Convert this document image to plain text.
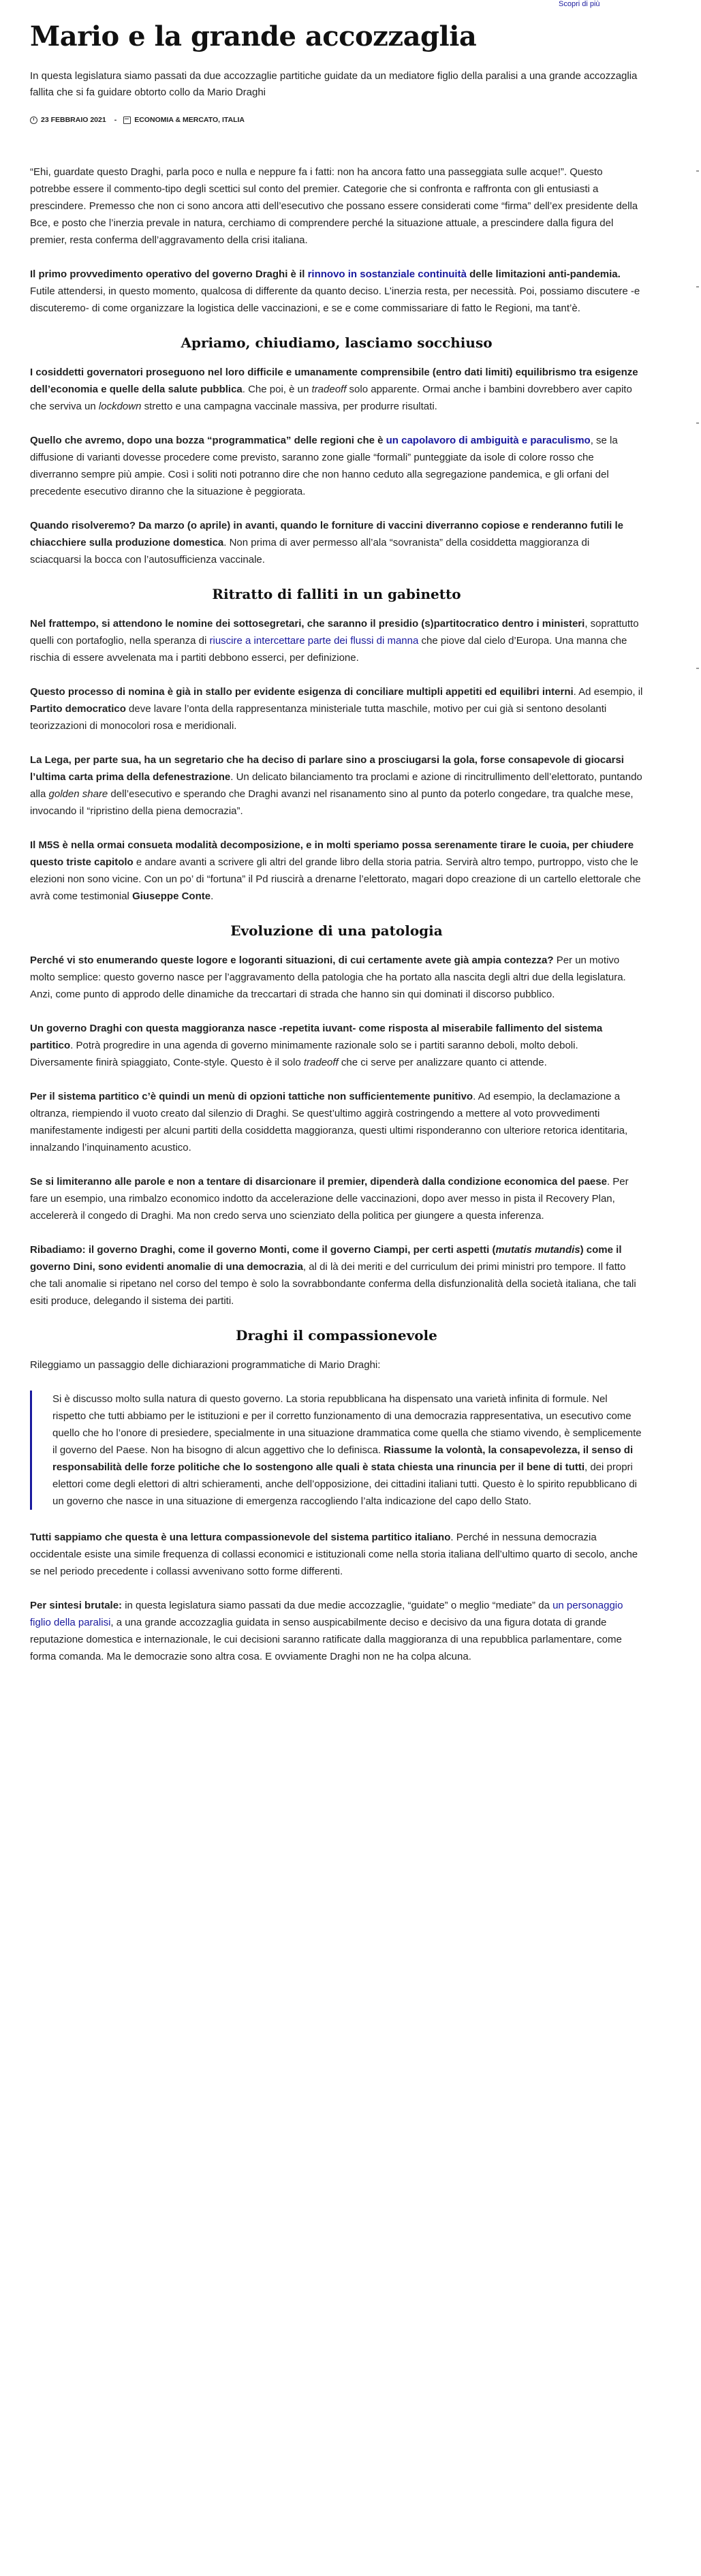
Scopri di più
Mario e la grande accozzaglia
In questa legislatura siamo passati da due accozzaglie partitiche guidate da un mediatore figlio della paralisi a una grande accozzaglia fallita che si fa guidare obtorto collo da Mario Draghi
23 FEBBRAIO 2021 - ECONOMIA & MERCATO, ITALIA

“Ehi, guardate questo Draghi, parla poco e nulla e neppure fa i fatti: non ha ancora fatto una passeggiata sulle acque!”. Questo potrebbe essere il commento-tipo degli scettici sul conto del premier. Categorie che si confronta e raffronta con gli entusiasti a prescindere. Premesso che non ci sono ancora atti dell’esecutivo che possano essere considerati come “firma” dell’ex presidente della Bce, e posto che l’inerzia prevale in natura, cerchiamo di comprendere perché la situazione attuale, a prescindere dalla figura del premier, resta conferma dell’aggravamento della crisi italiana.

Il primo provvedimento operativo del governo Draghi è il rinnovo in sostanziale continuità delle limitazioni anti-pandemia. Futile attendersi, in questo momento, qualcosa di differente da quanto deciso. L’inerzia resta, per necessità. Poi, possiamo discutere -e discuteremo- di come organizzare la logistica delle vaccinazioni, e se e come commissariare di fatto le Regioni, ma tant’è.

Apriamo, chiudiamo, lasciamo socchiuso

I cosiddetti governatori proseguono nel loro difficile e umanamente comprensibile (entro dati limiti) equilibrismo tra esigenze dell’economia e quelle della salute pubblica. Che poi, è un tradeoff solo apparente. Ormai anche i bambini dovrebbero aver capito che serviva un lockdown stretto e una campagna vaccinale massiva, per produrre risultati.

Quello che avremo, dopo una bozza “programmatica” delle regioni che è un capolavoro di ambiguità e paraculismo, se la diffusione di varianti dovesse procedere come previsto, saranno zone gialle “formali” punteggiate da isole di colore rosso che diverranno sempre più ampie. Così i soliti noti potranno dire che non hanno ceduto alla segregazione pandemica, e gli orfani del precedente esecutivo diranno che la situazione è peggiorata.

Quando risolveremo? Da marzo (o aprile) in avanti, quando le forniture di vaccini diverranno copiose e renderanno futili le chiacchiere sulla produzione domestica. Non prima di aver permesso all’ala “sovranista” della cosiddetta maggioranza di sciacquarsi la bocca con l’autosufficienza vaccinale.

Ritratto di falliti in un gabinetto

Nel frattempo, si attendono le nomine dei sottosegretari, che saranno il presidio (s)partitocratico dentro i ministeri, soprattutto quelli con portafoglio, nella speranza di riuscire a intercettare parte dei flussi di manna che piove dal cielo d’Europa. Una manna che rischia di essere avvelenata ma i partiti debbono esserci, per definizione.

Questo processo di nomina è già in stallo per evidente esigenza di conciliare multipli appetiti ed equilibri interni. Ad esempio, il Partito democratico deve lavare l’onta della rappresentanza ministeriale tutta maschile, motivo per cui già si sentono desolanti teorizzazioni di monocolori rosa e meridionali.

La Lega, per parte sua, ha un segretario che ha deciso di parlare sino a prosciugarsi la gola, forse consapevole di giocarsi l’ultima carta prima della defenestrazione. Un delicato bilanciamento tra proclami e azione di rincitrullimento dell’elettorato, puntando alla golden share dell’esecutivo e sperando che Draghi avanzi nel risanamento sino al punto da poterlo congedare, tra qualche mese, invocando il “ripristino della piena democrazia”.

Il M5S è nella ormai consueta modalità decomposizione, e in molti speriamo possa serenamente tirare le cuoia, per chiudere questo triste capitolo e andare avanti a scrivere gli altri del grande libro della storia patria. Servirà altro tempo, purtroppo, visto che le elezioni non sono vicine. Con un po’ di “fortuna” il Pd riuscirà a drenarne l’elettorato, magari dopo creazione di un cartello elettorale che avrà come testimonial Giuseppe Conte.

Evoluzione di una patologia

Perché vi sto enumerando queste logore e logoranti situazioni, di cui certamente avete già ampia contezza? Per un motivo molto semplice: questo governo nasce per l’aggravamento della patologia che ha portato alla nascita degli altri due della legislatura. Anzi, come punto di approdo delle dinamiche da treccartari di strada che hanno sin qui dominati il discorso pubblico.

Un governo Draghi con questa maggioranza nasce -repetita iuvant- come risposta al miserabile fallimento del sistema partitico. Potrà progredire in una agenda di governo minimamente razionale solo se i partiti saranno deboli, molto deboli. Diversamente finirà spiaggiato, Conte-style. Questo è il solo tradeoff che ci serve per analizzare quanto ci attende.

Per il sistema partitico c’è quindi un menù di opzioni tattiche non sufficientemente punitivo. Ad esempio, la declamazione a oltranza, riempiendo il vuoto creato dal silenzio di Draghi. Se quest’ultimo aggirà costringendo a mettere al voto provvedimenti manifestamente indigesti per alcuni partiti della cosiddetta maggioranza, questi ultimi risponderanno con ulteriore retorica identitaria, innalzando l’inquinamento acustico.

Se si limiteranno alle parole e non a tentare di disarcionare il premier, dipenderà dalla condizione economica del paese. Per fare un esempio, una rimbalzo economico indotto da accelerazione delle vaccinazioni, dopo aver messo in pista il Recovery Plan, accelererà il congedo di Draghi. Ma non credo serva uno scienziato della politica per giungere a questa inferenza.

Ribadiamo: il governo Draghi, come il governo Monti, come il governo Ciampi, per certi aspetti (mutatis mutandis) come il governo Dini, sono evidenti anomalie di una democrazia, al di là dei meriti e del curriculum dei primi ministri pro tempore. Il fatto che tali anomalie si ripetano nel corso del tempo è solo la sovrabbondante conferma della disfunzionalità della società italiana, che tali esiti produce, delegando il sistema dei partiti.

Draghi il compassionevole

Rileggiamo un passaggio delle dichiarazioni programmatiche di Mario Draghi:

Si è discusso molto sulla natura di questo governo. La storia repubblicana ha dispensato una varietà infinita di formule. Nel rispetto che tutti abbiamo per le istituzioni e per il corretto funzionamento di una democrazia rappresentativa, un esecutivo come quello che ho l’onore di presiedere, specialmente in una situazione drammatica come quella che stiamo vivendo, è semplicemente il governo del Paese. Non ha bisogno di alcun aggettivo che lo definisca. Riassume la volontà, la consapevolezza, il senso di responsabilità delle forze politiche che lo sostengono alle quali è stata chiesta una rinuncia per il bene di tutti, dei propri elettori come degli elettori di altri schieramenti, anche dell’opposizione, dei cittadini italiani tutti. Questo è lo spirito repubblicano di un governo che nasce in una situazione di emergenza raccogliendo l’alta indicazione del capo dello Stato.

Tutti sappiamo che questa è una lettura compassionevole del sistema partitico italiano. Perché in nessuna democrazia occidentale esiste una simile frequenza di collassi economici e istituzionali come nella storia italiana dell’ultimo quarto di secolo, anche se nel periodo precedente i collassi avvenivano sotto forme differenti.

Per sintesi brutale: in questa legislatura siamo passati da due medie accozzaglie, “guidate” o meglio “mediate” da un personaggio figlio della paralisi, a una grande accozzaglia guidata in senso auspicabilmente deciso e decisivo da una figura dotata di grande reputazione domestica e internazionale, le cui decisioni saranno ratificate dalla maggioranza di una repubblica parlamentare, come forma comanda. Ma le democrazie sono altra cosa. E ovviamente Draghi non ne ha colpa alcuna.
